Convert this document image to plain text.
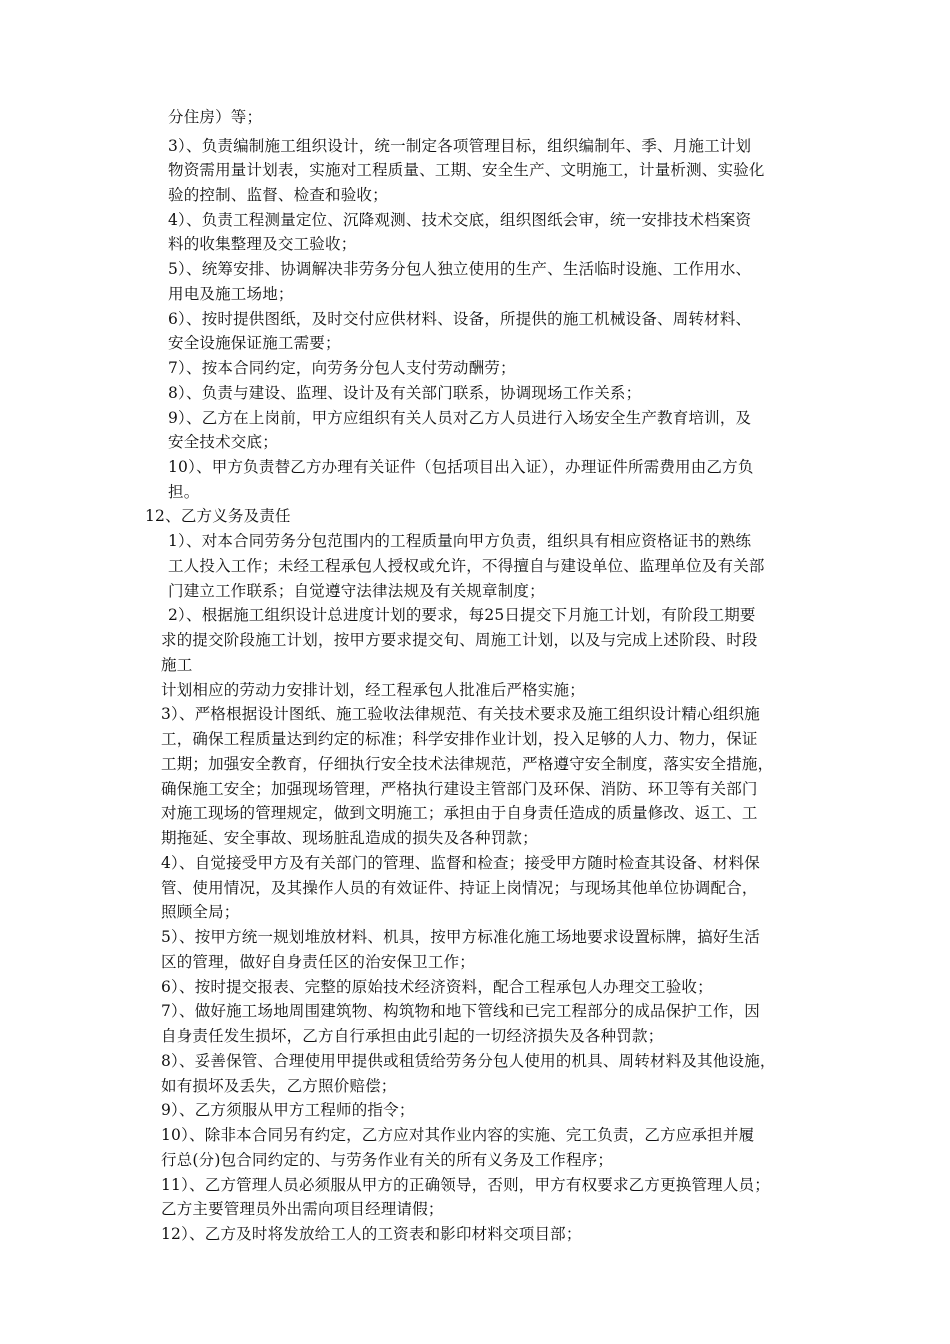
分住房）等；
3）、负责编制施工组织设计，统一制定各项管理目标，组织编制年、季、月施工计划
物资需用量计划表，实施对工程质量、工期、安全生产、文明施工，计量析测、实验化
验的控制、监督、检查和验收；
4）、负责工程测量定位、沉降观测、技术交底，组织图纸会审，统一安排技术档案资
料的收集整理及交工验收；
5）、统筹安排、协调解决非劳务分包人独立使用的生产、生活临时设施、工作用水、
用电及施工场地；
6）、按时提供图纸，及时交付应供材料、设备，所提供的施工机械设备、周转材料、
安全设施保证施工需要；
7）、按本合同约定，向劳务分包人支付劳动酬劳；
8）、负责与建设、监理、设计及有关部门联系，协调现场工作关系；
9）、乙方在上岗前，甲方应组织有关人员对乙方人员进行入场安全生产教育培训，及
安全技术交底；
10）、甲方负责替乙方办理有关证件（包括项目出入证），办理证件所需费用由乙方负
担。
12、乙方义务及责任
1）、对本合同劳务分包范围内的工程质量向甲方负责，组织具有相应资格证书的熟练
工人投入工作；未经工程承包人授权或允许，不得擅自与建设单位、监理单位及有关部
门建立工作联系；自觉遵守法律法规及有关规章制度；
2）、根据施工组织设计总进度计划的要求，每25日提交下月施工计划，有阶段工期要
求的提交阶段施工计划，按甲方要求提交旬、周施工计划，以及与完成上述阶段、时段
施工
计划相应的劳动力安排计划，经工程承包人批准后严格实施；
3）、严格根据设计图纸、施工验收法律规范、有关技术要求及施工组织设计精心组织施
工，确保工程质量达到约定的标准；科学安排作业计划，投入足够的人力、物力，保证
工期；加强安全教育，仔细执行安全技术法律规范，严格遵守安全制度，落实安全措施，
确保施工安全；加强现场管理，严格执行建设主管部门及环保、消防、环卫等有关部门
对施工现场的管理规定，做到文明施工；承担由于自身责任造成的质量修改、返工、工
期拖延、安全事故、现场脏乱造成的损失及各种罚款；
4）、自觉接受甲方及有关部门的管理、监督和检查；接受甲方随时检查其设备、材料保
管、使用情况，及其操作人员的有效证件、持证上岗情况；与现场其他单位协调配合，
照顾全局；
5）、按甲方统一规划堆放材料、机具，按甲方标准化施工场地要求设置标牌，搞好生活
区的管理，做好自身责任区的治安保卫工作；
6）、按时提交报表、完整的原始技术经济资料，配合工程承包人办理交工验收；
7）、做好施工场地周围建筑物、构筑物和地下管线和已完工程部分的成品保护工作，因
自身责任发生损坏，乙方自行承担由此引起的一切经济损失及各种罚款；
8）、妥善保管、合理使用甲提供或租赁给劳务分包人使用的机具、周转材料及其他设施，
如有损坏及丢失，乙方照价赔偿；
9）、乙方须服从甲方工程师的指令；
10）、除非本合同另有约定，乙方应对其作业内容的实施、完工负责，乙方应承担并履
行总(分)包合同约定的、与劳务作业有关的所有义务及工作程序；
11）、乙方管理人员必须服从甲方的正确领导，否则，甲方有权要求乙方更换管理人员；
乙方主要管理员外出需向项目经理请假；
12）、乙方及时将发放给工人的工资表和影印材料交项目部；
